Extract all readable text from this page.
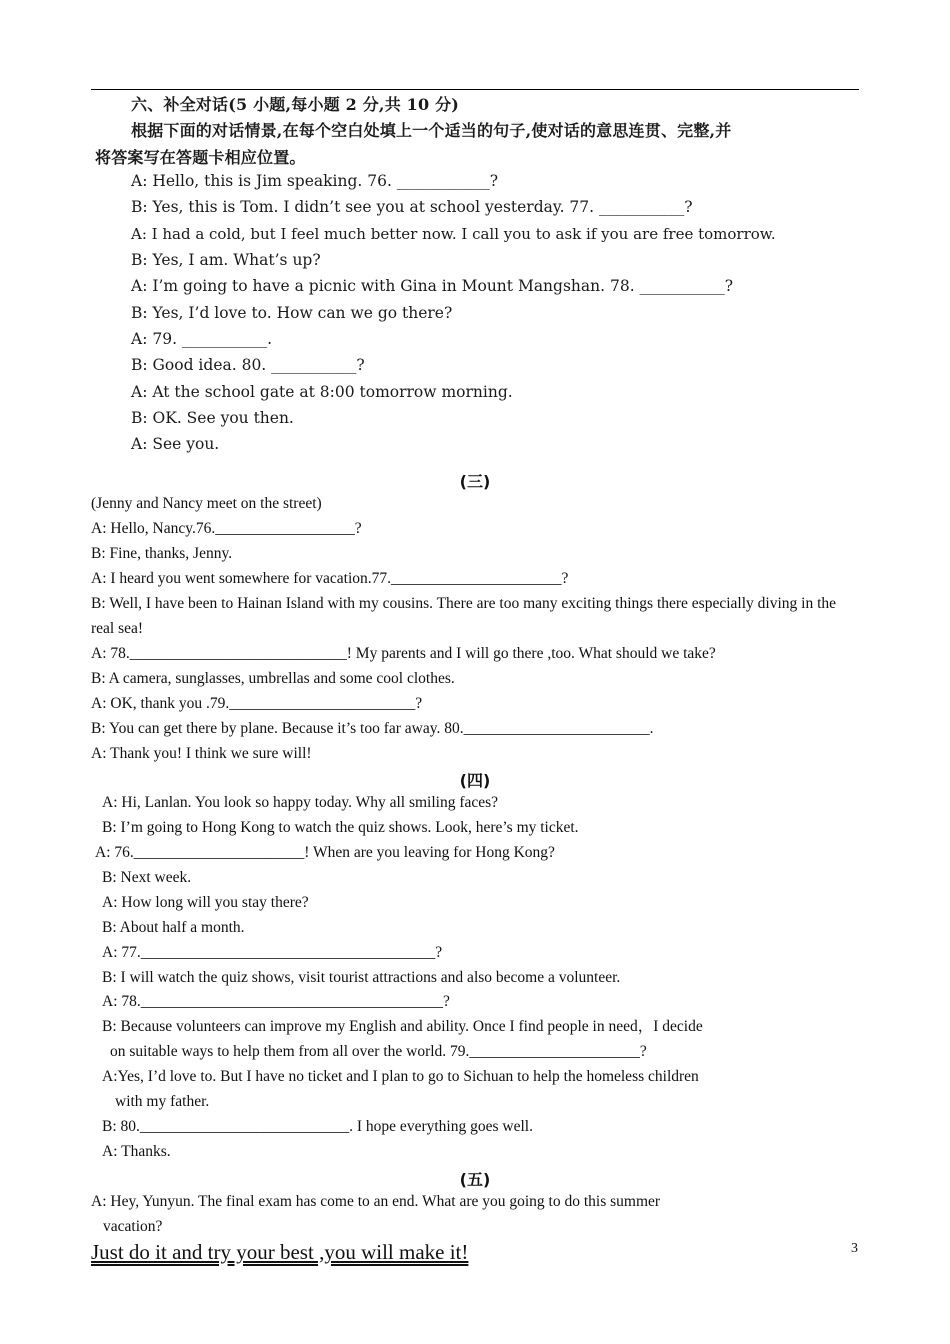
六、补全对话(5 小题,每小题 2 分,共 10 分)
根据下面的对话情景,在每个空白处填上一个适当的句子,使对话的意思连贯、完整,并
将答案写在答题卡相应位置。
A: Hello, this is Jim speaking. 76. ____________?
B: Yes, this is Tom. I didn’t see you at school yesterday. 77. ___________?
A: I had a cold, but I feel much better now. I call you to ask if you are free tomorrow.
B: Yes, I am. What’s up?
A: I’m going to have a picnic with Gina in Mount Mangshan. 78. ___________?
B: Yes, I’d love to. How can we go there?
A: 79. ___________.
B: Good idea. 80. ___________?
A: At the school gate at 8:00 tomorrow morning.
B: OK. See you then.
A: See you.
(三)
(Jenny and Nancy meet on the street)
A: Hello, Nancy.76.__________________?
B: Fine, thanks, Jenny.
A: I heard you went somewhere for vacation.77.______________________?
B: Well, I have been to Hainan Island with my cousins. There are too many exciting things there especially diving in the real sea!
A: 78.____________________________! My parents and I will go there ,too. What should we take?
B: A camera, sunglasses, umbrellas and some cool clothes.
A: OK, thank you .79.________________________?
B: You can get there by plane. Because it’s too far away. 80.________________________.
A: Thank you! I think we sure will!
(四)
A: Hi, Lanlan. You look so happy today. Why all smiling faces?
B: I’m going to Hong Kong to watch the quiz shows. Look, here’s my ticket.
A: 76.______________________! When are you leaving for Hong Kong?
B: Next week.
A: How long will you stay there?
B: About half a month.
A: 77.______________________________________?
B: I will watch the quiz shows, visit tourist attractions and also become a volunteer.
A: 78._______________________________________?
B: Because volunteers can improve my English and ability. Once I find people in need，I decide
on suitable ways to help them from all over the world. 79.______________________?
A:Yes, I’d love to. But I have no ticket and I plan to go to Sichuan to help the homeless children
with my father.
B: 80.___________________________. I hope everything goes well.
A: Thanks.
(五)
A: Hey, Yunyun. The final exam has come to an end. What are you going to do this summer
vacation?
Just do it and try your best ,you will make it!	3
